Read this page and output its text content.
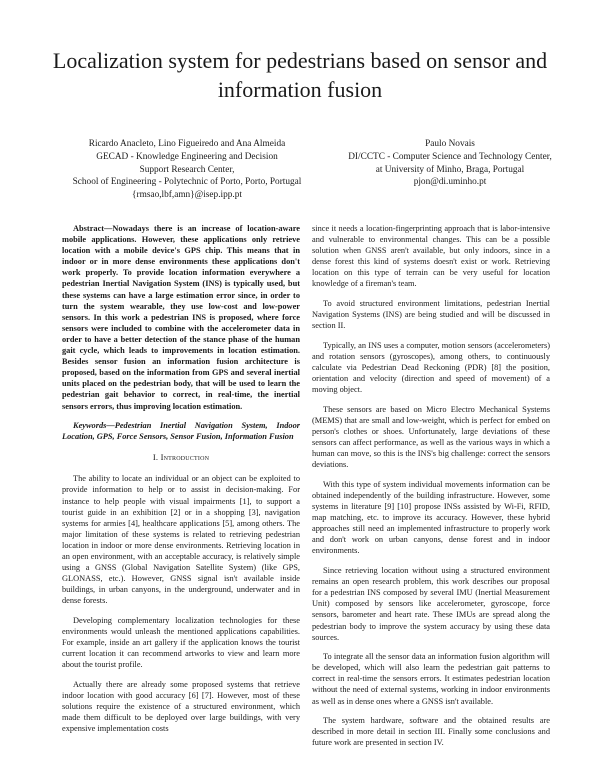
Localization system for pedestrians based on sensor and information fusion
Ricardo Anacleto, Lino Figueiredo and Ana Almeida
GECAD - Knowledge Engineering and Decision
Support Research Center,
School of Engineering - Polytechnic of Porto, Porto, Portugal
{rmsao,lbf,amn}@isep.ipp.pt
Paulo Novais
DI/CCTC - Computer Science and Technology Center,
at University of Minho, Braga, Portugal
pjon@di.uminho.pt

Abstract—Nowadays there is an increase of location-aware mobile applications. However, these applications only retrieve location with a mobile device's GPS chip. This means that in indoor or in more dense environments these applications don't work properly. To provide location information everywhere a pedestrian Inertial Navigation System (INS) is typically used, but these systems can have a large estimation error since, in order to turn the system wearable, they use low-cost and low-power sensors. In this work a pedestrian INS is proposed, where force sensors were included to combine with the accelerometer data in order to have a better detection of the stance phase of the human gait cycle, which leads to improvements in location estimation. Besides sensor fusion an information fusion architecture is proposed, based on the information from GPS and several inertial units placed on the pedestrian body, that will be used to learn the pedestrian gait behavior to correct, in real-time, the inertial sensors errors, thus improving location estimation.

Keywords—Pedestrian Inertial Navigation System, Indoor Location, GPS, Force Sensors, Sensor Fusion, Information Fusion

I. Introduction

The ability to locate an individual or an object can be exploited to provide information to help or to assist in decision-making. For instance to help people with visual impairments [1], to support a tourist guide in an exhibition [2] or in a shopping [3], navigation systems for armies [4], healthcare applications [5], among others. The major limitation of these systems is related to retrieving pedestrian location in indoor or more dense environments. Retrieving location in an open environment, with an acceptable accuracy, is relatively simple using a GNSS (Global Navigation Satellite System) (like GPS, GLONASS, etc.). However, GNSS signal isn't available inside buildings, in urban canyons, in the underground, underwater and in dense forests.

Developing complementary localization technologies for these environments would unleash the mentioned applications capabilities. For example, inside an art gallery if the application knows the tourist current location it can recommend artworks to view and learn more about the tourist profile.

Actually there are already some proposed systems that retrieve indoor location with good accuracy [6] [7]. However, most of these solutions require the existence of a structured environment, which made them difficult to be deployed over large buildings, with very expensive implementation costs

since it needs a location-fingerprinting approach that is labor-intensive and vulnerable to environmental changes. This can be a possible solution when GNSS aren't available, but only indoors, since in a dense forest this kind of systems doesn't exist or work. Retrieving location on this type of terrain can be very useful for location knowledge of a fireman's team.

To avoid structured environment limitations, pedestrian Inertial Navigation Systems (INS) are being studied and will be discussed in section II.

Typically, an INS uses a computer, motion sensors (accelerometers) and rotation sensors (gyroscopes), among others, to continuously calculate via Pedestrian Dead Reckoning (PDR) [8] the position, orientation and velocity (direction and speed of movement) of a moving object.

These sensors are based on Micro Electro Mechanical Systems (MEMS) that are small and low-weight, which is perfect for embed on person's clothes or shoes. Unfortunately, large deviations of these sensors can affect performance, as well as the various ways in which a human can move, so this is the INS's big challenge: correct the sensors deviations.

With this type of system individual movements information can be obtained independently of the building infrastructure. However, some systems in literature [9] [10] propose INSs assisted by Wi-Fi, RFID, map matching, etc. to improve its accuracy. However, these hybrid approaches still need an implemented infrastructure to properly work and don't work on urban canyons, dense forest and in indoor environments.

Since retrieving location without using a structured environment remains an open research problem, this work describes our proposal for a pedestrian INS composed by several IMU (Inertial Measurement Unit) composed by sensors like accelerometer, gyroscope, force sensors, barometer and heart rate. These IMUs are spread along the pedestrian body to improve the system accuracy by using these data sources.

To integrate all the sensor data an information fusion algorithm will be developed, which will also learn the pedestrian gait patterns to correct in real-time the sensors errors. It estimates pedestrian location without the need of external systems, working in indoor environments as well as in dense ones where a GNSS isn't available.

The system hardware, software and the obtained results are described in more detail in section III. Finally some conclusions and future work are presented in section IV.
